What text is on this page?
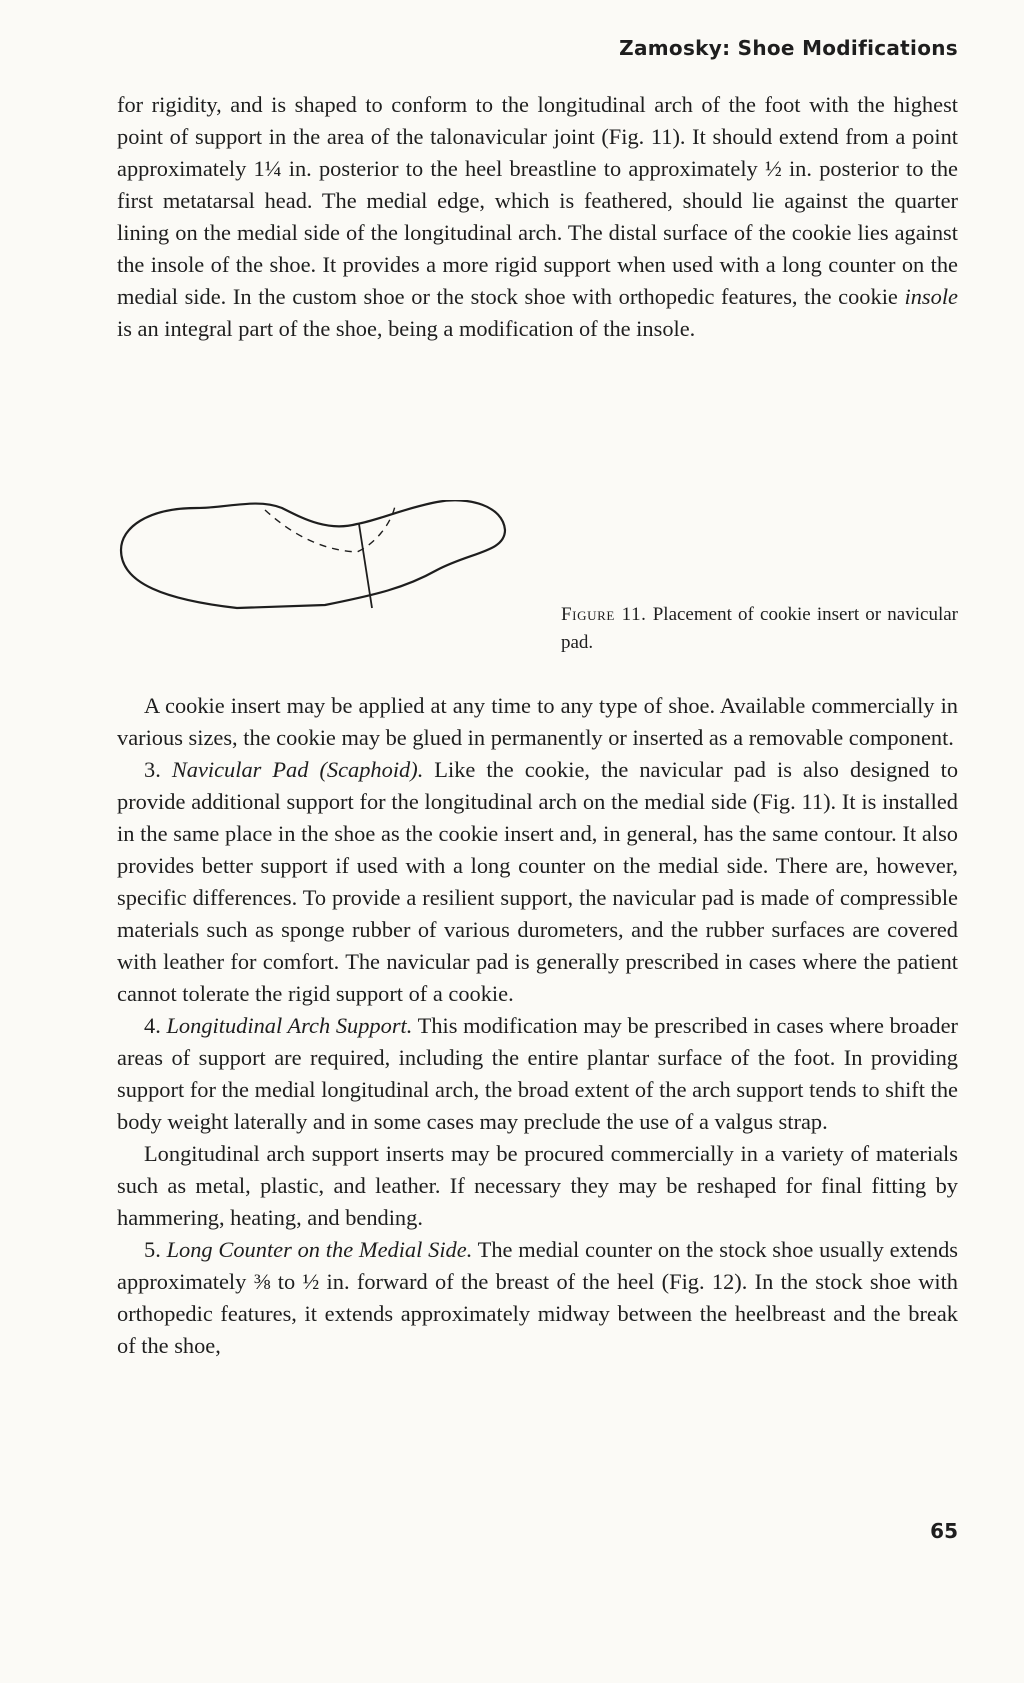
Zamosky: Shoe Modifications

for rigidity, and is shaped to conform to the longitudinal arch of the foot with the highest point of support in the area of the talonavicular joint (Fig. 11). It should extend from a point approximately 1¼ in. posterior to the heel breastline to approximately ½ in. posterior to the first metatarsal head. The medial edge, which is feathered, should lie against the quarter lining on the medial side of the longitudinal arch. The distal surface of the cookie lies against the insole of the shoe. It provides a more rigid support when used with a long counter on the medial side. In the custom shoe or the stock shoe with orthopedic features, the cookie insole is an integral part of the shoe, being a modification of the insole.

Figure 11. Placement of cookie insert or navicular pad.

A cookie insert may be applied at any time to any type of shoe. Available commercially in various sizes, the cookie may be glued in permanently or inserted as a removable component.

3. Navicular Pad (Scaphoid). Like the cookie, the navicular pad is also designed to provide additional support for the longitudinal arch on the medial side (Fig. 11). It is installed in the same place in the shoe as the cookie insert and, in general, has the same contour. It also provides better support if used with a long counter on the medial side. There are, however, specific differences. To provide a resilient support, the navicular pad is made of compressible materials such as sponge rubber of various durometers, and the rubber surfaces are covered with leather for comfort. The navicular pad is generally prescribed in cases where the patient cannot tolerate the rigid support of a cookie.

4. Longitudinal Arch Support. This modification may be prescribed in cases where broader areas of support are required, including the entire plantar surface of the foot. In providing support for the medial longitudinal arch, the broad extent of the arch support tends to shift the body weight laterally and in some cases may preclude the use of a valgus strap.

Longitudinal arch support inserts may be procured commercially in a variety of materials such as metal, plastic, and leather. If necessary they may be reshaped for final fitting by hammering, heating, and bending.

5. Long Counter on the Medial Side. The medial counter on the stock shoe usually extends approximately ⅜ to ½ in. forward of the breast of the heel (Fig. 12). In the stock shoe with orthopedic features, it extends approximately midway between the heelbreast and the break of the shoe,

65
